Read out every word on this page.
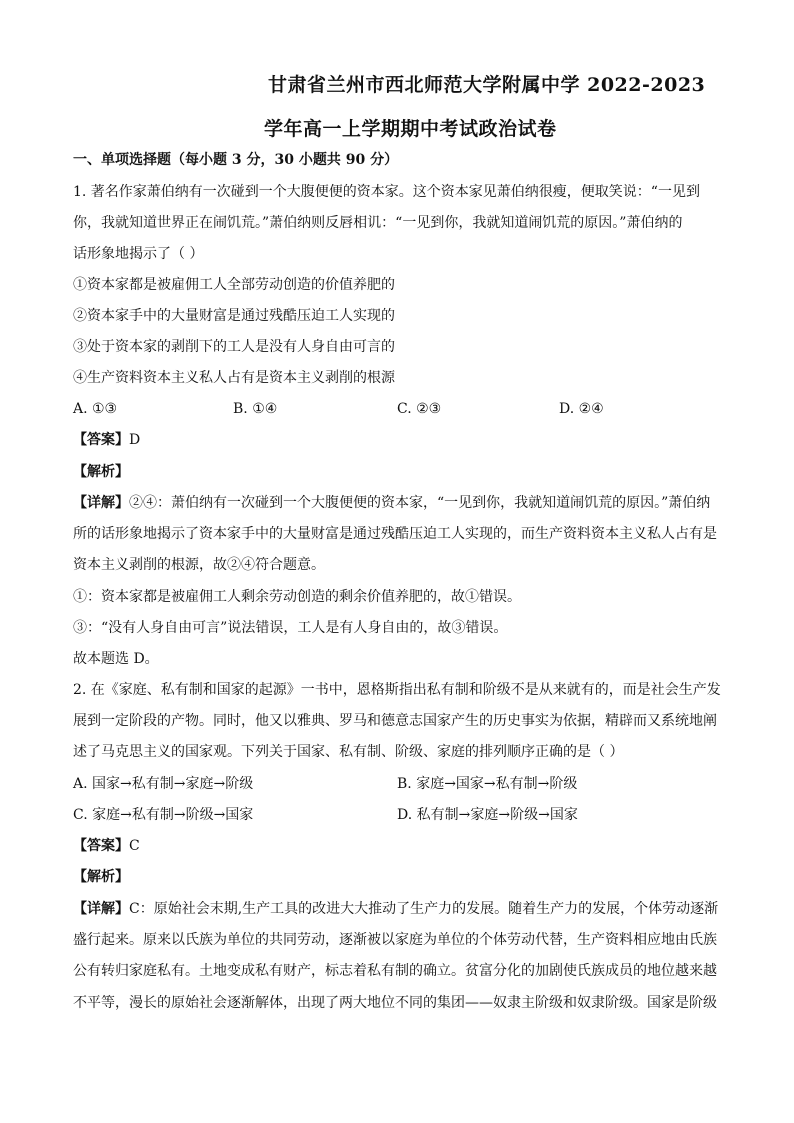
甘肃省兰州市西北师范大学附属中学 2022-2023
学年高一上学期期中考试政治试卷
一、单项选择题（每小题 3 分，30 小题共 90 分）
1. 著名作家萧伯纳有一次碰到一个大腹便便的资本家。这个资本家见萧伯纳很瘦，便取笑说：“一见到
你，我就知道世界正在闹饥荒。”萧伯纳则反唇相讥：“一见到你，我就知道闹饥荒的原因。”萧伯纳的
话形象地揭示了（ ）
①资本家都是被雇佣工人全部劳动创造的价值养肥的
②资本家手中的大量财富是通过残酷压迫工人实现的
③处于资本家的剥削下的工人是没有人身自由可言的
④生产资料资本主义私人占有是资本主义剥削的根源
A. ①③	B. ①④	C. ②③	D. ②④
【答案】D
【解析】
【详解】②④：萧伯纳有一次碰到一个大腹便便的资本家，“一见到你，我就知道闹饥荒的原因。”萧伯纳
所的话形象地揭示了资本家手中的大量财富是通过残酷压迫工人实现的，而生产资料资本主义私人占有是
资本主义剥削的根源，故②④符合题意。
①：资本家都是被雇佣工人剩余劳动创造的剩余价值养肥的，故①错误。
③：“没有人身自由可言”说法错误，工人是有人身自由的，故③错误。
故本题选 D。
2. 在《家庭、私有制和国家的起源》一书中，恩格斯指出私有制和阶级不是从来就有的，而是社会生产发
展到一定阶段的产物。同时，他又以雅典、罗马和德意志国家产生的历史事实为依据，精辟而又系统地阐
述了马克思主义的国家观。下列关于国家、私有制、阶级、家庭的排列顺序正确的是（ ）
A. 国家→私有制→家庭→阶级	B. 家庭→国家→私有制→阶级
C. 家庭→私有制→阶级→国家	D. 私有制→家庭→阶级→国家
【答案】C
【解析】
【详解】C：原始社会末期,生产工具的改进大大推动了生产力的发展。随着生产力的发展，个体劳动逐渐
盛行起来。原来以氏族为单位的共同劳动，逐渐被以家庭为单位的个体劳动代替，生产资料相应地由氏族
公有转归家庭私有。土地变成私有财产，标志着私有制的确立。贫富分化的加剧使氏族成员的地位越来越
不平等，漫长的原始社会逐渐解体，出现了两大地位不同的集团——奴隶主阶级和奴隶阶级。国家是阶级
